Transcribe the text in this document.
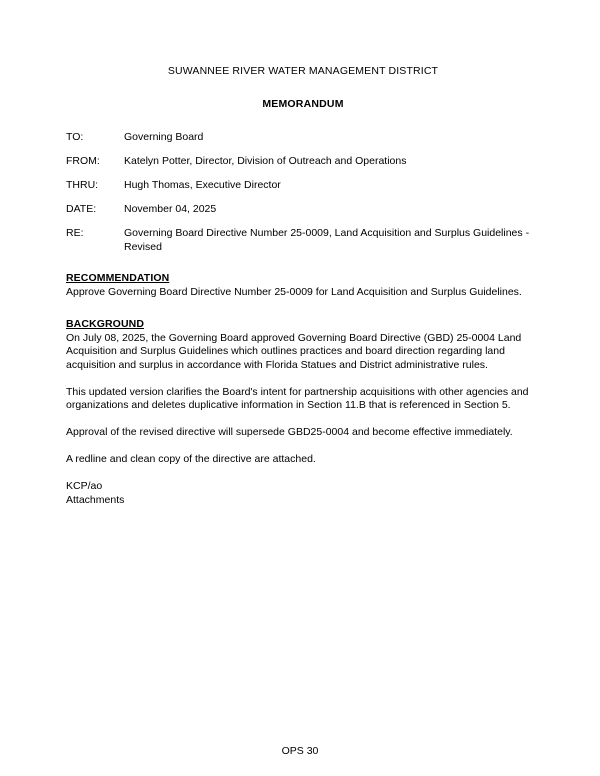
SUWANNEE RIVER WATER MANAGEMENT DISTRICT
MEMORANDUM
TO:	Governing Board
FROM:	Katelyn Potter, Director, Division of Outreach and Operations
THRU:	Hugh Thomas, Executive Director
DATE:	November 04, 2025
RE:	Governing Board Directive Number 25-0009, Land Acquisition and Surplus Guidelines - Revised
RECOMMENDATION

Approve Governing Board Directive Number 25-0009 for Land Acquisition and Surplus Guidelines.

BACKGROUND

On July 08, 2025, the Governing Board approved Governing Board Directive (GBD) 25-0004 Land Acquisition and Surplus Guidelines which outlines practices and board direction regarding land acquisition and surplus in accordance with Florida Statues and District administrative rules.

This updated version clarifies the Board's intent for partnership acquisitions with other agencies and organizations and deletes duplicative information in Section 11.B that is referenced in Section 5.

Approval of the revised directive will supersede GBD25-0004 and become effective immediately.

A redline and clean copy of the directive are attached.

KCP/ao
Attachments
OPS 30
